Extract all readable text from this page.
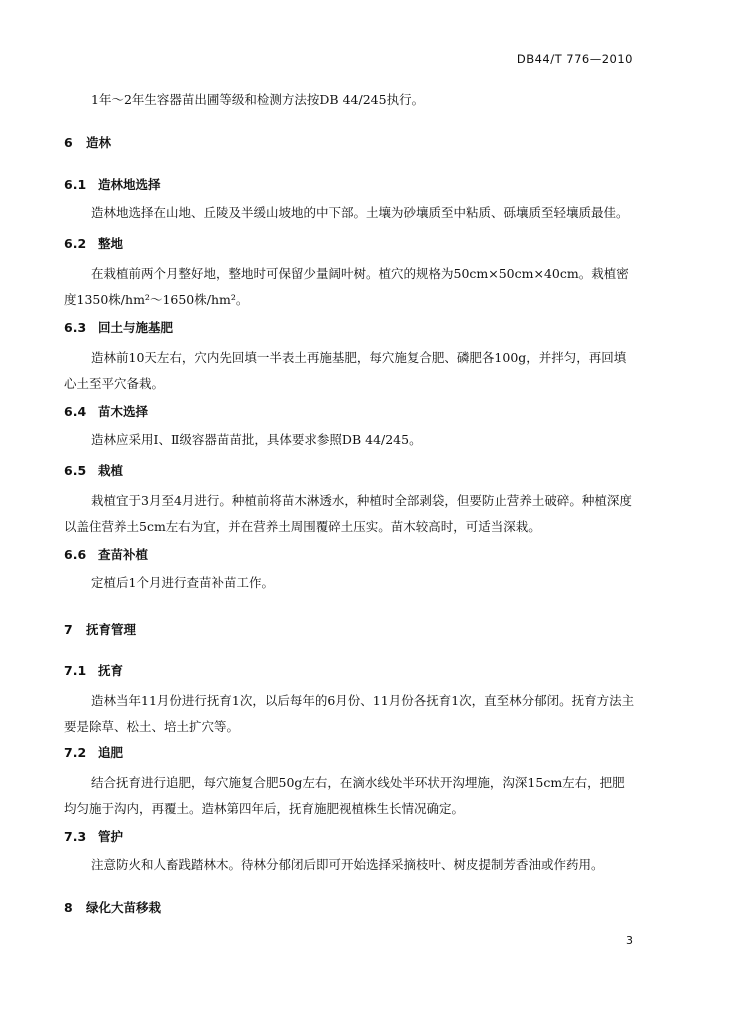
DB44/T 776—2010
1年～2年生容器苗出圃等级和检测方法按DB 44/245执行。
6 造林
6.1 造林地选择
造林地选择在山地、丘陵及半缓山坡地的中下部。土壤为砂壤质至中粘质、砾壤质至轻壤质最佳。
6.2 整地
在栽植前两个月整好地，整地时可保留少量阔叶树。植穴的规格为50cm×50cm×40cm。栽植密度1350株/hm²～1650株/hm²。
6.3 回土与施基肥
造林前10天左右，穴内先回填一半表土再施基肥，每穴施复合肥、磷肥各100g，并拌匀，再回填心土至平穴备栽。
6.4 苗木选择
造林应采用Ⅰ、Ⅱ级容器苗苗批，具体要求参照DB 44/245。
6.5 栽植
栽植宜于3月至4月进行。种植前将苗木淋透水，种植时全部剥袋，但要防止营养土破碎。种植深度以盖住营养土5cm左右为宜，并在营养土周围覆碎土压实。苗木较高时，可适当深栽。
6.6 查苗补植
定植后1个月进行查苗补苗工作。
7 抚育管理
7.1 抚育
造林当年11月份进行抚育1次，以后每年的6月份、11月份各抚育1次，直至林分郁闭。抚育方法主要是除草、松土、培土扩穴等。
7.2 追肥
结合抚育进行追肥，每穴施复合肥50g左右，在滴水线处半环状开沟埋施，沟深15cm左右，把肥均匀施于沟内，再覆土。造林第四年后，抚育施肥视植株生长情况确定。
7.3 管护
注意防火和人畜践踏林木。待林分郁闭后即可开始选择采摘枝叶、树皮提制芳香油或作药用。
8 绿化大苗移栽
3
